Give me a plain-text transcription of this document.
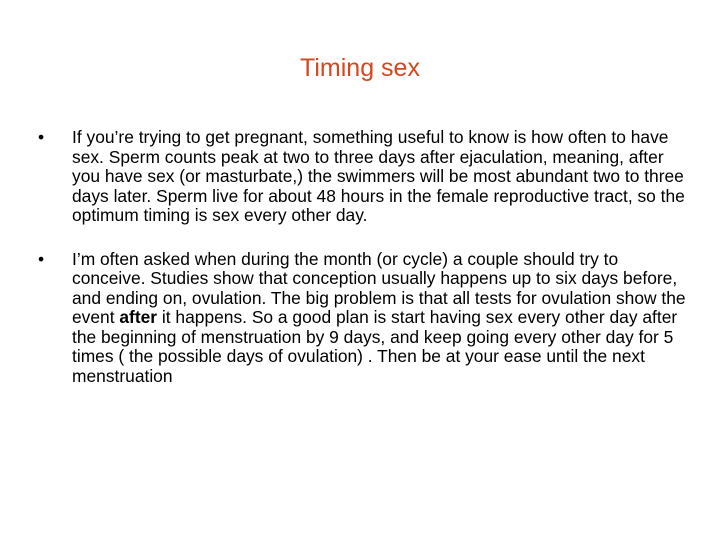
Timing sex
• If you’re trying to get pregnant, something useful to know is how often to have sex. Sperm counts peak at two to three days after ejaculation, meaning, after you have sex (or masturbate,) the swimmers will be most abundant two to three days later. Sperm live for about 48 hours in the female reproductive tract, so the optimum timing is sex every other day.
• I’m often asked when during the month (or cycle) a couple should try to conceive. Studies show that conception usually happens up to six days before, and ending on, ovulation. The big problem is that all tests for ovulation show the event after it happens. So a good plan is start having sex every other day after the beginning of menstruation by 9 days, and keep going every other day for 5 times ( the possible days of ovulation) . Then be at your ease until the next menstruation
